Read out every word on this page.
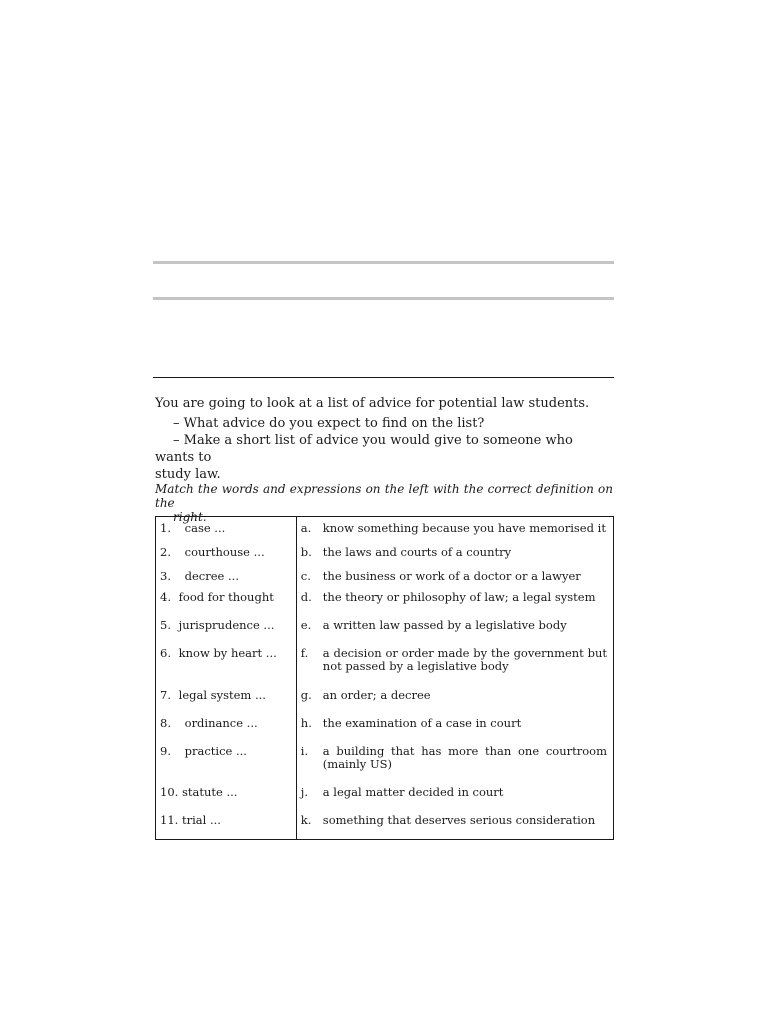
You are going to look at a list of advice for potential law students.

– What advice do you expect to find on the list?

– Make a short list of advice you would give to someone who wants to

study law.

Match the words and expressions on the left with the correct definition on the
right.
1. case ...	a. know something because you have memorised it

2. courthouse ...	b. the laws and courts of a country

3. decree ...	c. the business or work of a doctor or a lawyer

4. food for thought	d. the theory or philosophy of law; a legal system

5. jurisprudence ...	e. a written law passed by a legislative body

6. know by heart ...	f. a decision or order made by the government but not passed by a legislative body

7. legal system ...	g. an order; a decree

8. ordinance ...	h. the examination of a case in court

9. practice ...	i. a building that has more than one courtroom (mainly US)

10. statute ...	j. a legal matter decided in court

11. trial ...	k. something that deserves serious consideration
